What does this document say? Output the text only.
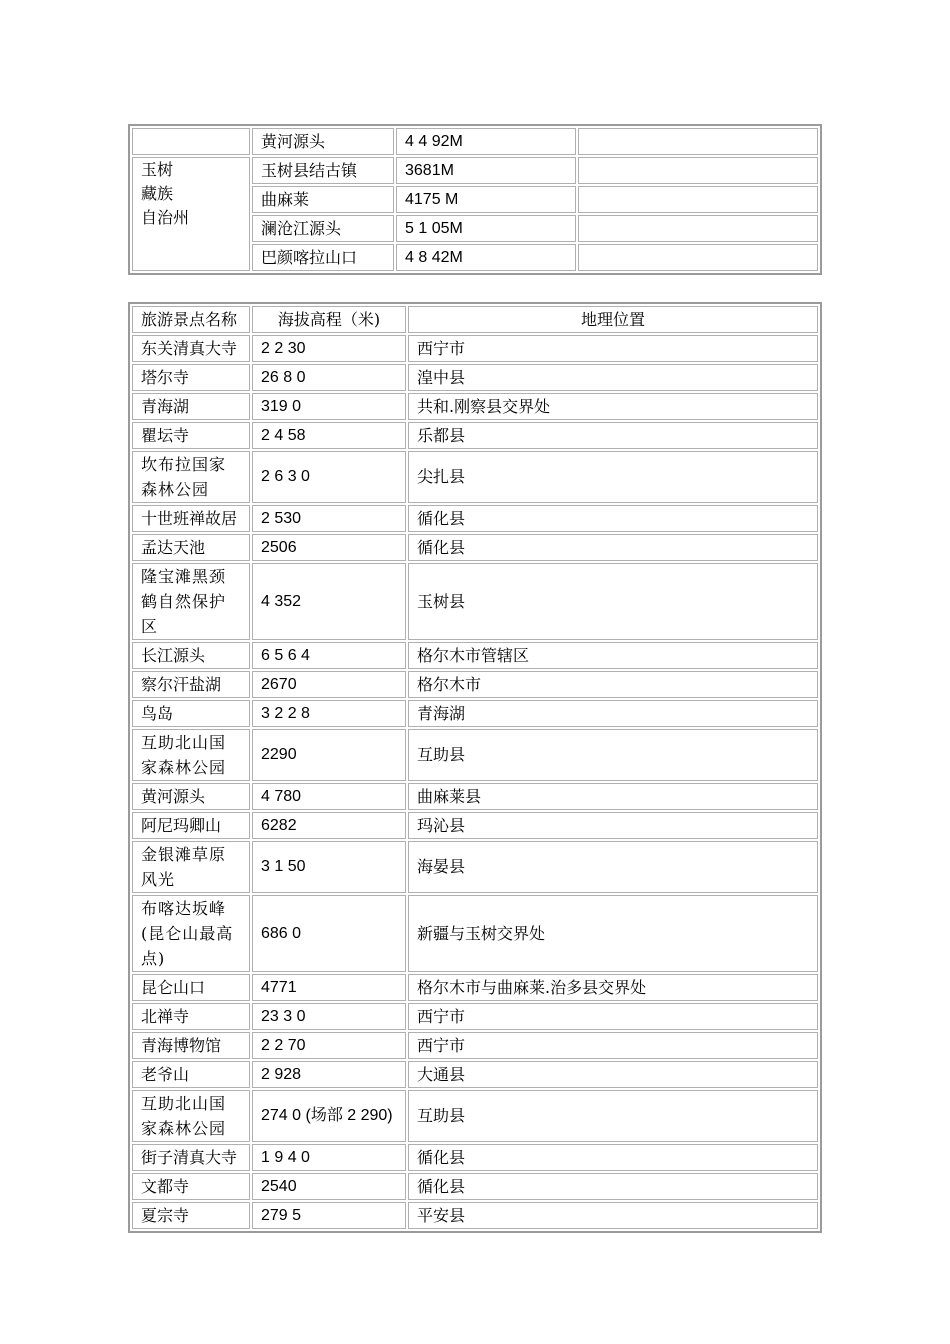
	黄河源头	4 4 92M	

玉树
藏族
自治州	玉树县结古镇	3681M	
	曲麻莱	4175 M	
	澜沧江源头	5 1 05M	
	巴颜喀拉山口	4 8 42M	
旅游景点名称	海拔高程（米)	地理位置
东关清真大寺	2 2 30	西宁市
塔尔寺	26 8 0	湟中县
青海湖	319 0	共和.刚察县交界处
瞿坛寺	2 4 58	乐都县
坎布拉国家森林公园	2 6 3 0	尖扎县
十世班禅故居	2 530	循化县
孟达天池	2506	循化县
隆宝滩黑颈鹤自然保护区	4 352	玉树县
长江源头	6 5 6 4	格尔木市管辖区
察尔汗盐湖	2670	格尔木市
鸟岛	3 2 2 8	青海湖
互助北山国家森林公园	2290	互助县
黄河源头	4 780	曲麻莱县
阿尼玛卿山	6282	玛沁县
金银滩草原风光	3 1 50	海晏县
布喀达坂峰(昆仑山最高点)	686 0	新疆与玉树交界处
昆仑山口	4771	格尔木市与曲麻莱.治多县交界处
北禅寺	23 3 0	西宁市
青海博物馆	2 2 70	西宁市
老爷山	2 928	大通县
互助北山国家森林公园	274 0 (场部 2 290)	互助县
街子清真大寺	1 9 4 0	循化县
文都寺	2540	循化县
夏宗寺	279 5	平安县
